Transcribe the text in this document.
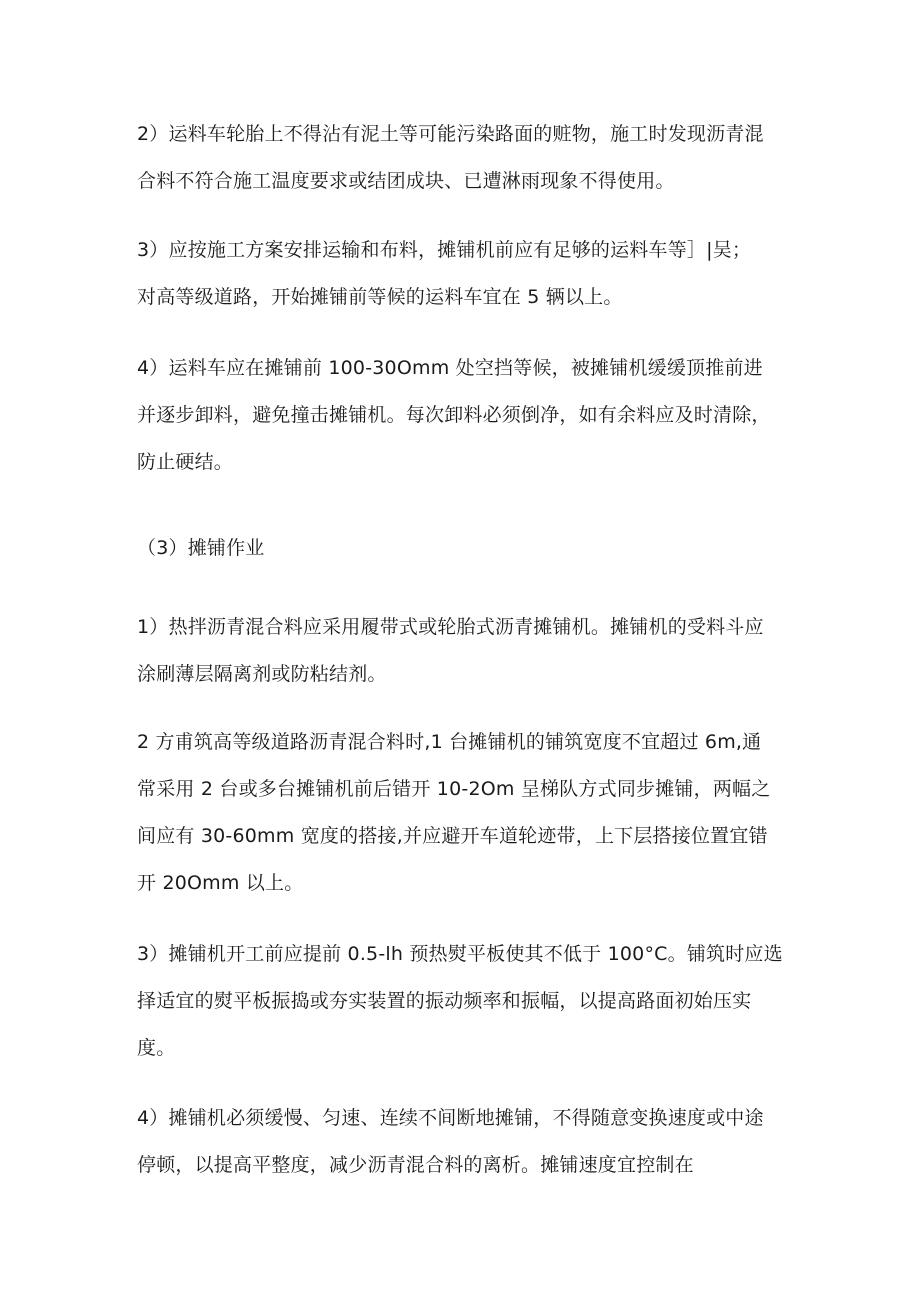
2）运料车轮胎上不得沾有泥土等可能污染路面的赃物，施工时发现沥青混
合料不符合施工温度要求或结团成块、已遭淋雨现象不得使用。

3）应按施工方案安排运输和布料，摊铺机前应有足够的运料车等］|吴；
对高等级道路，开始摊铺前等候的运料车宜在 5 辆以上。

4）运料车应在摊铺前 100-30Omm 处空挡等候，被摊铺机缓缓顶推前进
并逐步卸料，避免撞击摊铺机。每次卸料必须倒净，如有余料应及时清除，
防止硬结。

（3）摊铺作业

1）热拌沥青混合料应采用履带式或轮胎式沥青摊铺机。摊铺机的受料斗应
涂刷薄层隔离剂或防粘结剂。

2 方甫筑高等级道路沥青混合料时,1 台摊铺机的铺筑宽度不宜超过 6m,通
常采用 2 台或多台摊铺机前后错开 10-2Om 呈梯队方式同步摊铺，两幅之
间应有 30-60mm 宽度的搭接,并应避开车道轮迹带，上下层搭接位置宜错
开 20Omm 以上。

3）摊铺机开工前应提前 0.5-lh 预热熨平板使其不低于 100°C。铺筑时应选
择适宜的熨平板振捣或夯实装置的振动频率和振幅，以提高路面初始压实
度。

4）摊铺机必须缓慢、匀速、连续不间断地摊铺，不得随意变换速度或中途
停顿，以提高平整度，减少沥青混合料的离析。摊铺速度宜控制在
